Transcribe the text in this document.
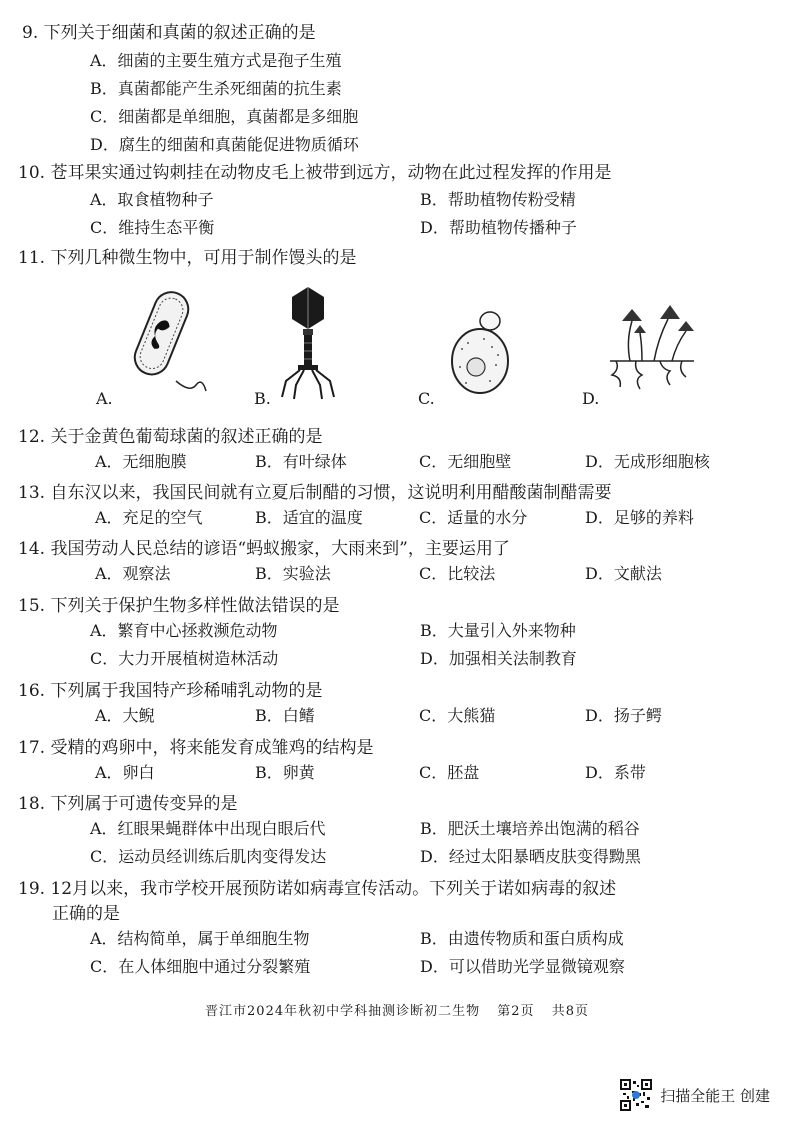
9. 下列关于细菌和真菌的叙述正确的是
A．细菌的主要生殖方式是孢子生殖
B．真菌都能产生杀死细菌的抗生素
C．细菌都是单细胞，真菌都是多细胞
D．腐生的细菌和真菌能促进物质循环
10. 苍耳果实通过钩刺挂在动物皮毛上被带到远方，动物在此过程发挥的作用是
A．取食植物种子	B．帮助植物传粉受精
C．维持生态平衡	D．帮助植物传播种子
11. 下列几种微生物中，可用于制作馒头的是
A.	B.	C.	D.
12. 关于金黄色葡萄球菌的叙述正确的是
A．无细胞膜	B．有叶绿体	C．无细胞壁	D．无成形细胞核
13. 自东汉以来，我国民间就有立夏后制醋的习惯，这说明利用醋酸菌制醋需要
A．充足的空气	B．适宜的温度	C．适量的水分	D．足够的养料
14. 我国劳动人民总结的谚语“蚂蚁搬家，大雨来到”，主要运用了
A．观察法	B．实验法	C．比较法	D．文献法
15. 下列关于保护生物多样性做法错误的是
A．繁育中心拯救濒危动物	B．大量引入外来物种
C．大力开展植树造林活动	D．加强相关法制教育
16. 下列属于我国特产珍稀哺乳动物的是
A．大鲵	B．白鳍	C．大熊猫	D．扬子鳄
17. 受精的鸡卵中，将来能发育成雏鸡的结构是
A．卵白	B．卵黄	C．胚盘	D．系带
18. 下列属于可遗传变异的是
A．红眼果蝇群体中出现白眼后代	B．肥沃土壤培养出饱满的稻谷
C．运动员经训练后肌肉变得发达	D．经过太阳暴晒皮肤变得黝黑
19. 12月以来，我市学校开展预防诺如病毒宣传活动。下列关于诺如病毒的叙述
正确的是
A．结构简单，属于单细胞生物	B．由遗传物质和蛋白质构成
C．在人体细胞中通过分裂繁殖	D．可以借助光学显微镜观察
晋江市2024年秋初中学科抽测诊断初二生物 第2页 共8页
扫描全能王 创建
